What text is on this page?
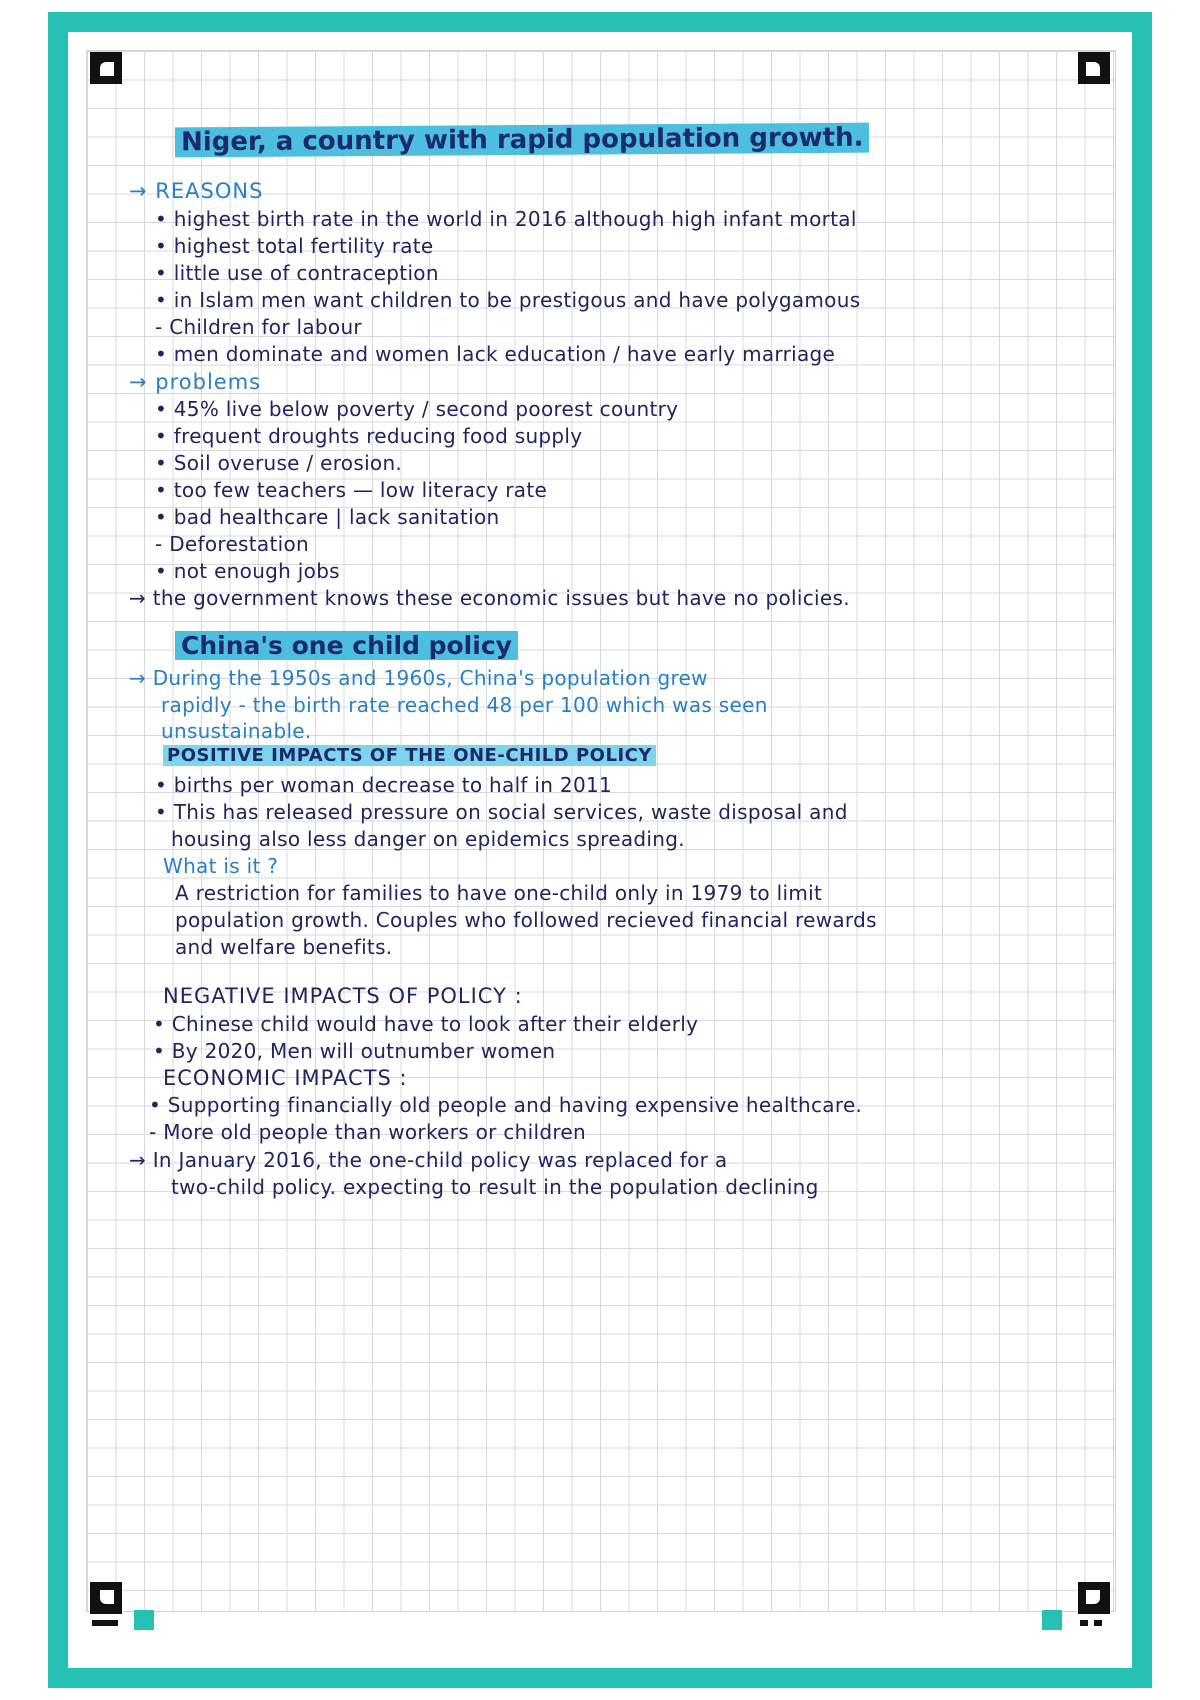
Niger, a country with rapid population growth.
→ REASONS
• highest birth rate in the world in 2016 although high infant mortal
• highest total fertility rate
• little use of contraception
• in Islam men want children to be prestigous and have polygamous
- Children for labour
• men dominate and women lack education / have early marriage
→ problems
• 45% live below poverty / second poorest country
• frequent droughts reducing food supply
• Soil overuse / erosion.
• too few teachers — low literacy rate
• bad healthcare | lack sanitation
- Deforestation
• not enough jobs
→ the government knows these economic issues but have no policies.
China's one child policy
→ During the 1950s and 1960s, China's population grew
rapidly - the birth rate reached 48 per 100 which was seen
unsustainable.
POSITIVE IMPACTS OF THE ONE-CHILD POLICY
• births per woman decrease to half in 2011
• This has released pressure on social services, waste disposal and
housing also less danger on epidemics spreading.
What is it ?
A restriction for families to have one-child only in 1979 to limit
population growth. Couples who followed recieved financial rewards
and welfare benefits.
NEGATIVE IMPACTS OF POLICY :
• Chinese child would have to look after their elderly
• By 2020, Men will outnumber women
ECONOMIC IMPACTS :
• Supporting financially old people and having expensive healthcare.
- More old people than workers or children
→ In January 2016, the one-child policy was replaced for a
two-child policy. expecting to result in the population declining
